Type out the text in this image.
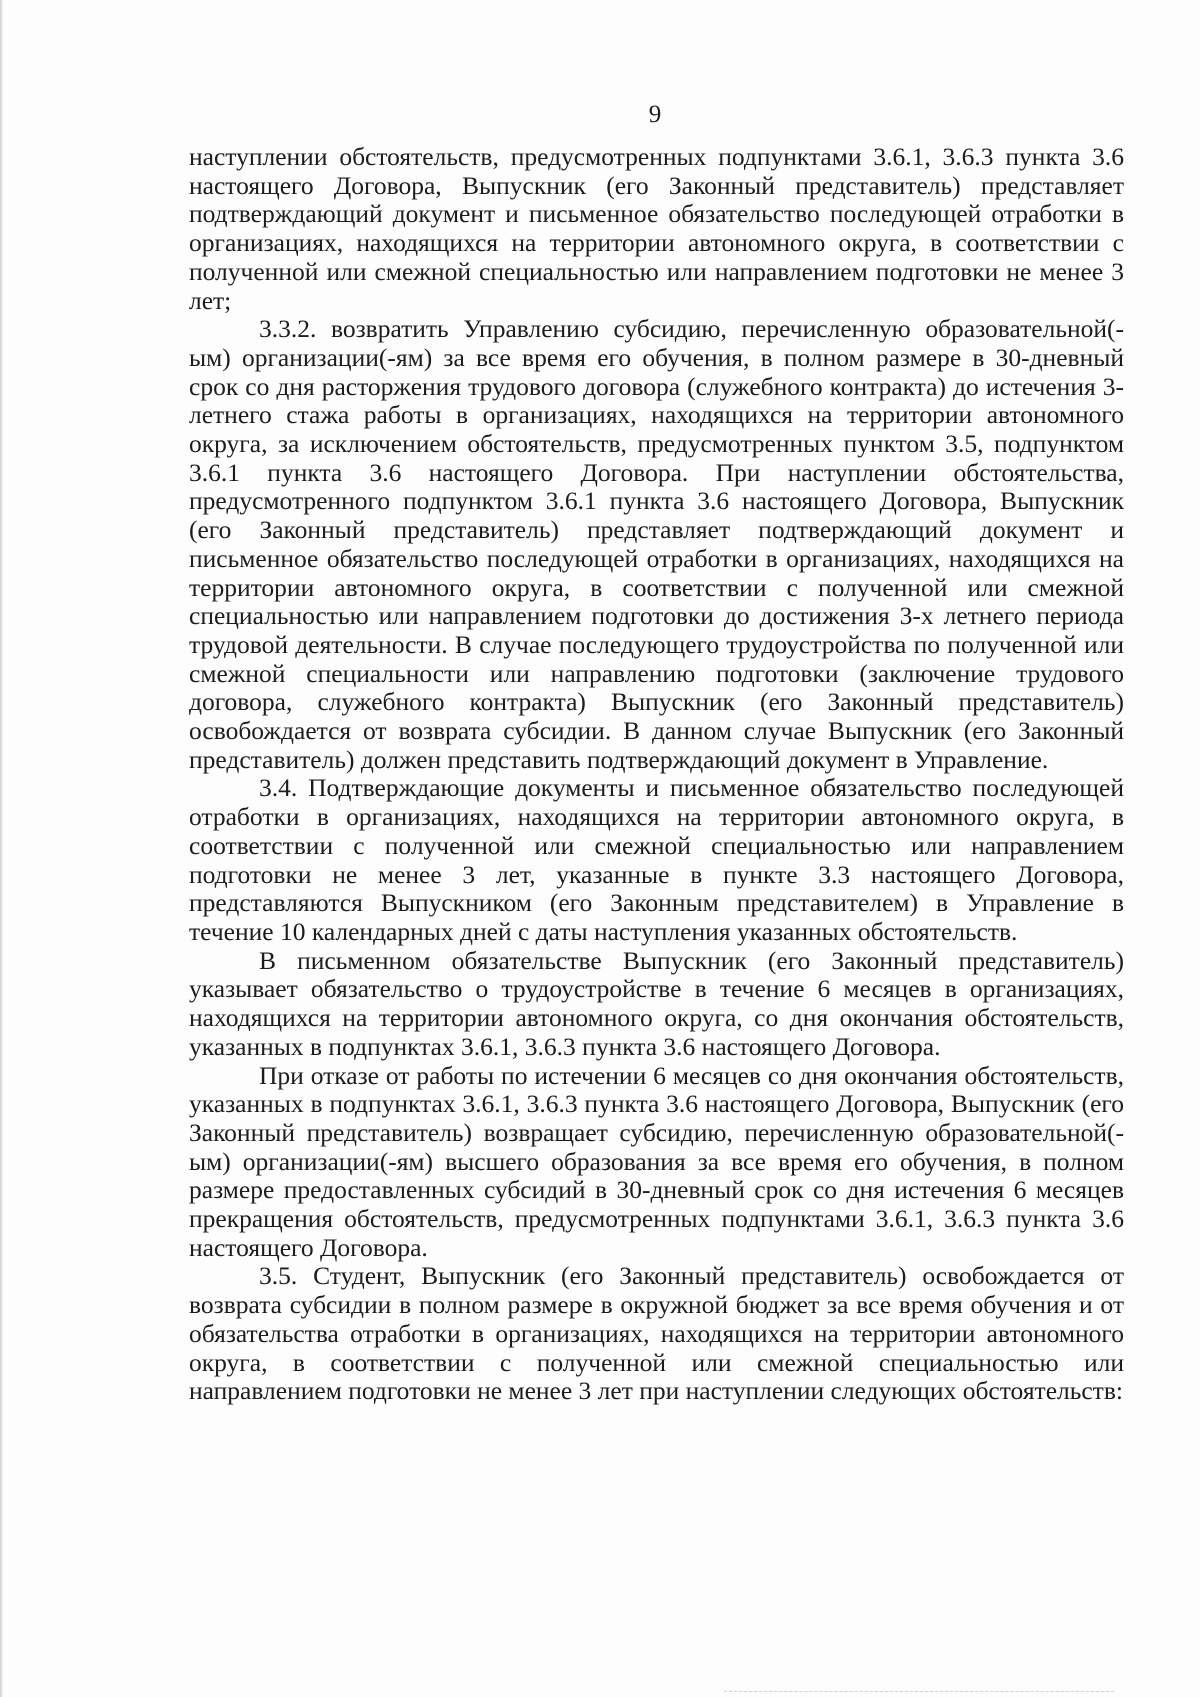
9

наступлении обстоятельств, предусмотренных подпунктами 3.6.1, 3.6.3 пункта 3.6 настоящего Договора, Выпускник (его Законный представитель) представляет подтверждающий документ и письменное обязательство последующей отработки в организациях, находящихся на территории автономного округа, в соответствии с полученной или смежной специальностью или направлением подготовки не менее 3 лет;

3.3.2. возвратить Управлению субсидию, перечисленную образовательной(-ым) организации(-ям) за все время его обучения, в полном размере в 30-дневный срок со дня расторжения трудового договора (служебного контракта) до истечения 3-летнего стажа работы в организациях, находящихся на территории автономного округа, за исключением обстоятельств, предусмотренных пунктом 3.5, подпунктом 3.6.1 пункта 3.6 настоящего Договора. При наступлении обстоятельства, предусмотренного подпунктом 3.6.1 пункта 3.6 настоящего Договора, Выпускник (его Законный представитель) представляет подтверждающий документ и письменное обязательство последующей отработки в организациях, находящихся на территории автономного округа, в соответствии с полученной или смежной специальностью или направлением подготовки до достижения 3-х летнего периода трудовой деятельности. В случае последующего трудоустройства по полученной или смежной специальности или направлению подготовки (заключение трудового договора, служебного контракта) Выпускник (его Законный представитель) освобождается от возврата субсидии. В данном случае Выпускник (его Законный представитель) должен представить подтверждающий документ в Управление.

3.4. Подтверждающие документы и письменное обязательство последующей отработки в организациях, находящихся на территории автономного округа, в соответствии с полученной или смежной специальностью или направлением подготовки не менее 3 лет, указанные в пункте 3.3 настоящего Договора, представляются Выпускником (его Законным представителем) в Управление в течение 10 календарных дней с даты наступления указанных обстоятельств.

В письменном обязательстве Выпускник (его Законный представитель) указывает обязательство о трудоустройстве в течение 6 месяцев в организациях, находящихся на территории автономного округа, со дня окончания обстоятельств, указанных в подпунктах 3.6.1, 3.6.3 пункта 3.6 настоящего Договора.

При отказе от работы по истечении 6 месяцев со дня окончания обстоятельств, указанных в подпунктах 3.6.1, 3.6.3 пункта 3.6 настоящего Договора, Выпускник (его Законный представитель) возвращает субсидию, перечисленную образовательной(-ым) организации(-ям) высшего образования за все время его обучения, в полном размере предоставленных субсидий в 30-дневный срок со дня истечения 6 месяцев прекращения обстоятельств, предусмотренных подпунктами 3.6.1, 3.6.3 пункта 3.6 настоящего Договора.

3.5. Студент, Выпускник (его Законный представитель) освобождается от возврата субсидии в полном размере в окружной бюджет за все время обучения и от обязательства отработки в организациях, находящихся на территории автономного округа, в соответствии с полученной или смежной специальностью или направлением подготовки не менее 3 лет при наступлении следующих обстоятельств:
